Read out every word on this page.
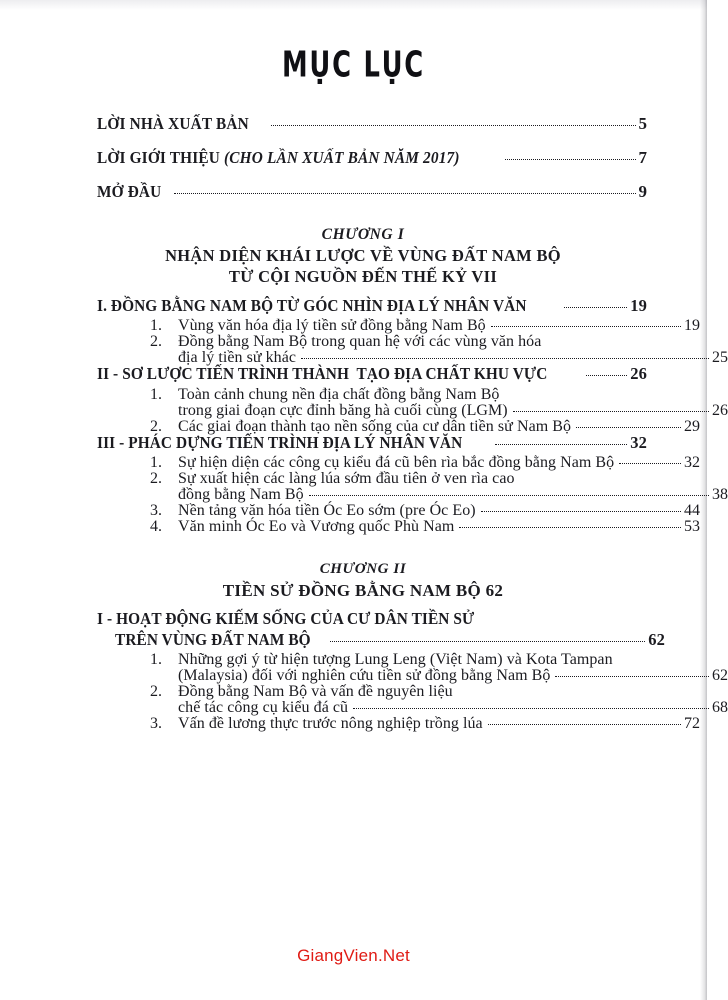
MỤC LỤC
LỜI NHÀ XUẤT BẢN	5
LỜI GIỚI THIỆU (CHO LẦN XUẤT BẢN NĂM 2017)	7
MỞ ĐẦU	9
CHƯƠNG I
NHẬN DIỆN KHÁI LƯỢC VỀ VÙNG ĐẤT NAM BỘ
TỪ CỘI NGUỒN ĐẾN THẾ KỶ VII
I. ĐỒNG BẰNG NAM BỘ TỪ GÓC NHÌN ĐỊA LÝ NHÂN VĂN	19
1.	Vùng văn hóa địa lý tiền sử đồng bằng Nam Bộ	19
2.	Đồng bằng Nam Bộ trong quan hệ với các vùng văn hóa
địa lý tiền sử khác	25
II - SƠ LƯỢC TIẾN TRÌNH THÀNH  TẠO ĐỊA CHẤT KHU VỰC	26
1.	Toàn cảnh chung nền địa chất đồng bằng Nam Bộ
trong giai đoạn cực đỉnh băng hà cuối cùng (LGM)	26
2.	Các giai đoạn thành tạo nền sống của cư dân tiền sử Nam Bộ	29
III - PHÁC DỰNG TIẾN TRÌNH ĐỊA LÝ NHÂN VĂN	32
1.	Sự hiện diện các công cụ kiểu đá cũ bên rìa bắc đồng bằng Nam Bộ	32
2.	Sự xuất hiện các làng lúa sớm đầu tiên ở ven rìa cao
đồng bằng Nam Bộ	38
3.	Nền tảng văn hóa tiền Óc Eo sớm (pre Óc Eo)	44
4.	Văn minh Óc Eo và Vương quốc Phù Nam	53
CHƯƠNG II
TIỀN SỬ ĐỒNG BẰNG NAM BỘ 62
I - HOẠT ĐỘNG KIẾM SỐNG CỦA CƯ DÂN TIỀN SỬ
TRÊN VÙNG ĐẤT NAM BỘ	62
1.	Những gợi ý từ hiện tượng Lung Leng (Việt Nam) và Kota Tampan
(Malaysia) đối với nghiên cứu tiền sử đồng bằng Nam Bộ	62
2.	Đồng bằng Nam Bộ và vấn đề nguyên liệu
chế tác công cụ kiểu đá cũ	68
3.	Vấn đề lương thực trước nông nghiệp trồng lúa	72
GiangVien.Net
